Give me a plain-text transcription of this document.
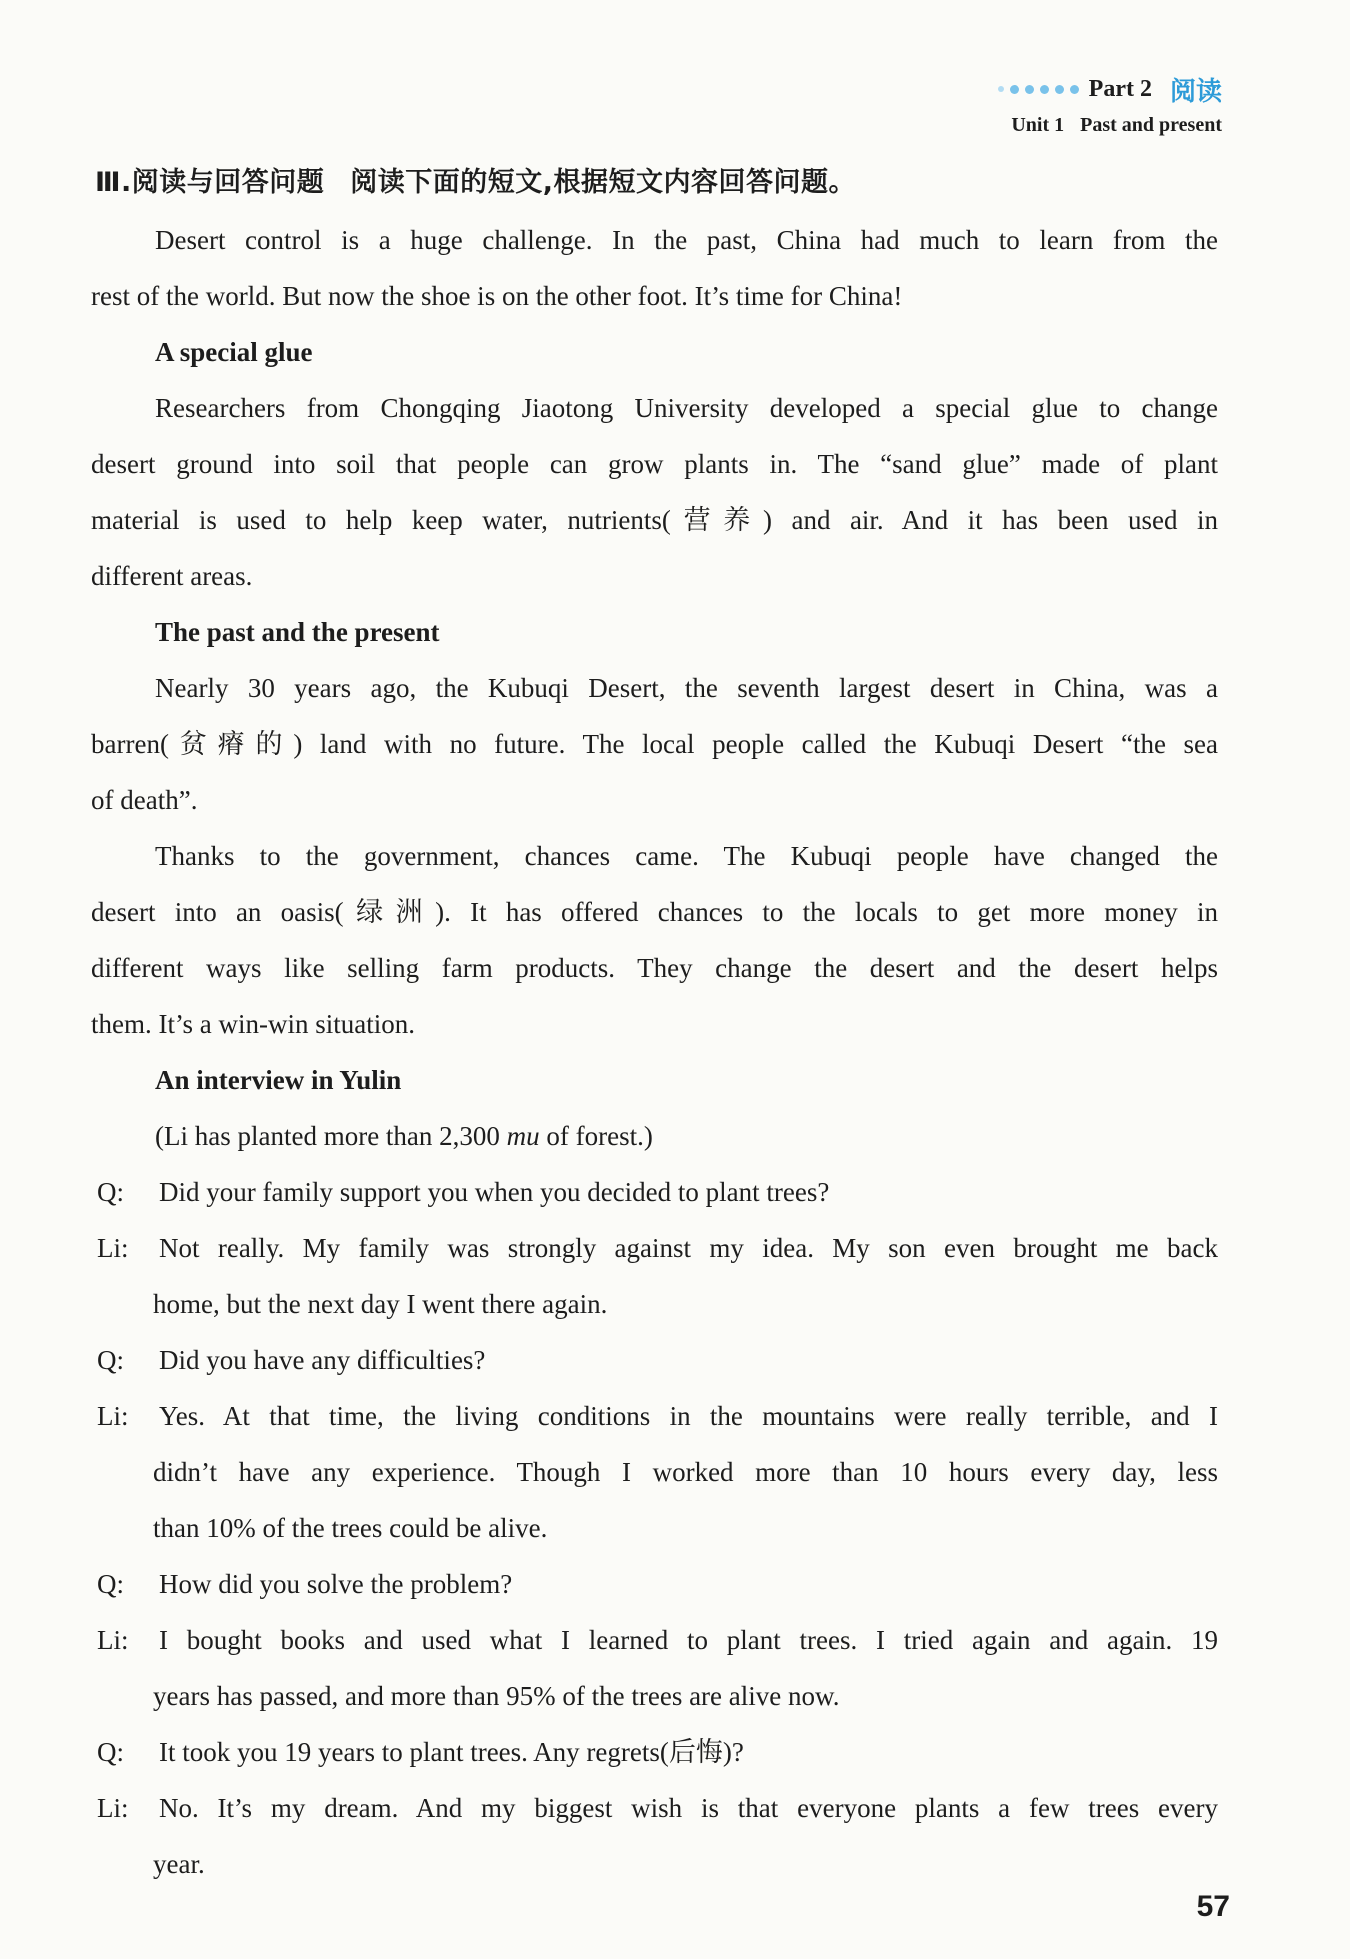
Part 2 阅读
Unit 1 Past and present
Ⅲ.阅读与回答问题 阅读下面的短文,根据短文内容回答问题。
Desert control is a huge challenge. In the past, China had much to learn from the
rest of the world. But now the shoe is on the other foot. It’s time for China!
A special glue
Researchers from Chongqing Jiaotong University developed a special glue to change
desert ground into soil that people can grow plants in. The “sand glue” made of plant
material is used to help keep water, nutrients(营养) and air. And it has been used in
different areas.
The past and the present
Nearly 30 years ago, the Kubuqi Desert, the seventh largest desert in China, was a
barren(贫瘠的) land with no future. The local people called the Kubuqi Desert “the sea
of death”.
Thanks to the government, chances came. The Kubuqi people have changed the
desert into an oasis(绿洲). It has offered chances to the locals to get more money in
different ways like selling farm products. They change the desert and the desert helps
them. It’s a win-win situation.
An interview in Yulin
(Li has planted more than 2,300 mu of forest.)
Q:	Did your family support you when you decided to plant trees?
Li:	Not really. My family was strongly against my idea. My son even brought me back
home, but the next day I went there again.
Q:	Did you have any difficulties?
Li:	Yes. At that time, the living conditions in the mountains were really terrible, and I
didn’t have any experience. Though I worked more than 10 hours every day, less
than 10% of the trees could be alive.
Q:	How did you solve the problem?
Li:	I bought books and used what I learned to plant trees. I tried again and again. 19
years has passed, and more than 95% of the trees are alive now.
Q:	It took you 19 years to plant trees. Any regrets(后悔)?
Li:	No. It’s my dream. And my biggest wish is that everyone plants a few trees every
year.
57
